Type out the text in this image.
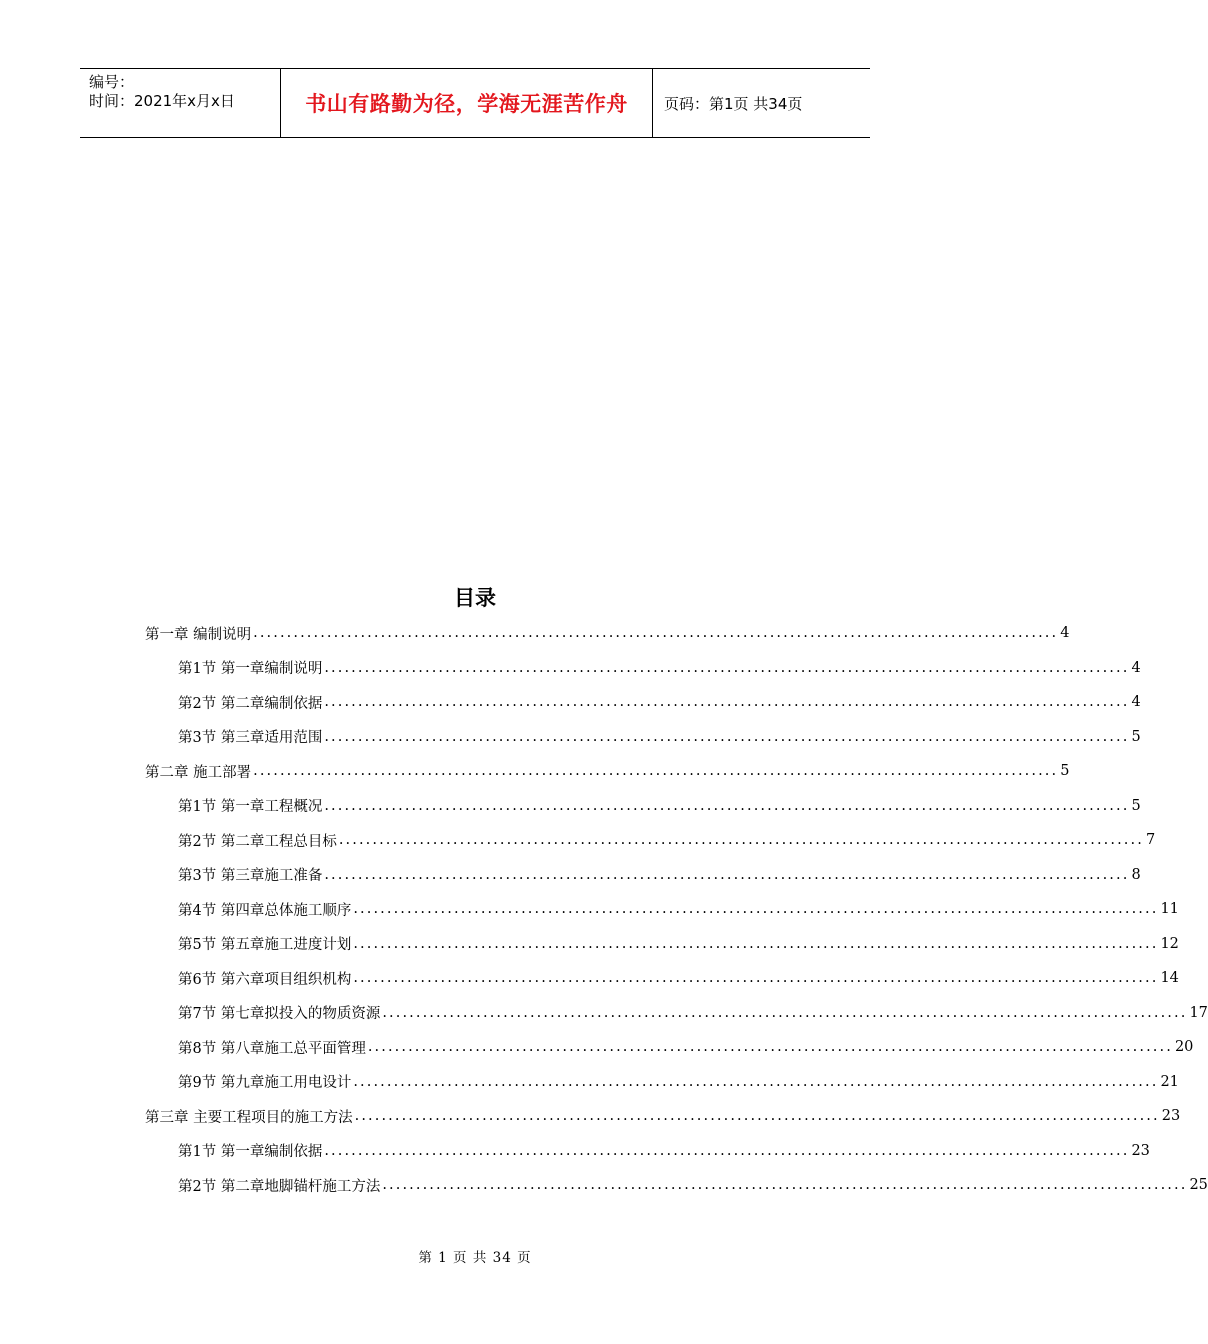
编号：
时间：2021年x月x日	书山有路勤为径，学海无涯苦作舟	页码：第1页 共34页
目录
第一章 编制说明 ........................................................................................................................ 4
第1节 第一章编制说明 ........................................................................................................................ 4
第2节 第二章编制依据 ........................................................................................................................ 4
第3节 第三章适用范围 ........................................................................................................................ 5
第二章 施工部署 ........................................................................................................................ 5
第1节 第一章工程概况 ........................................................................................................................ 5
第2节 第二章工程总目标 ........................................................................................................................ 7
第3节 第三章施工准备 ........................................................................................................................ 8
第4节 第四章总体施工顺序 ........................................................................................................................ 11
第5节 第五章施工进度计划 ........................................................................................................................ 12
第6节 第六章项目组织机构 ........................................................................................................................ 14
第7节 第七章拟投入的物质资源 ........................................................................................................................ 17
第8节 第八章施工总平面管理 ........................................................................................................................ 20
第9节 第九章施工用电设计 ........................................................................................................................ 21
第三章 主要工程项目的施工方法 ........................................................................................................................ 23
第1节 第一章编制依据 ........................................................................................................................ 23
第2节 第二章地脚锚杆施工方法 ........................................................................................................................ 25
第 1 页 共 34 页
